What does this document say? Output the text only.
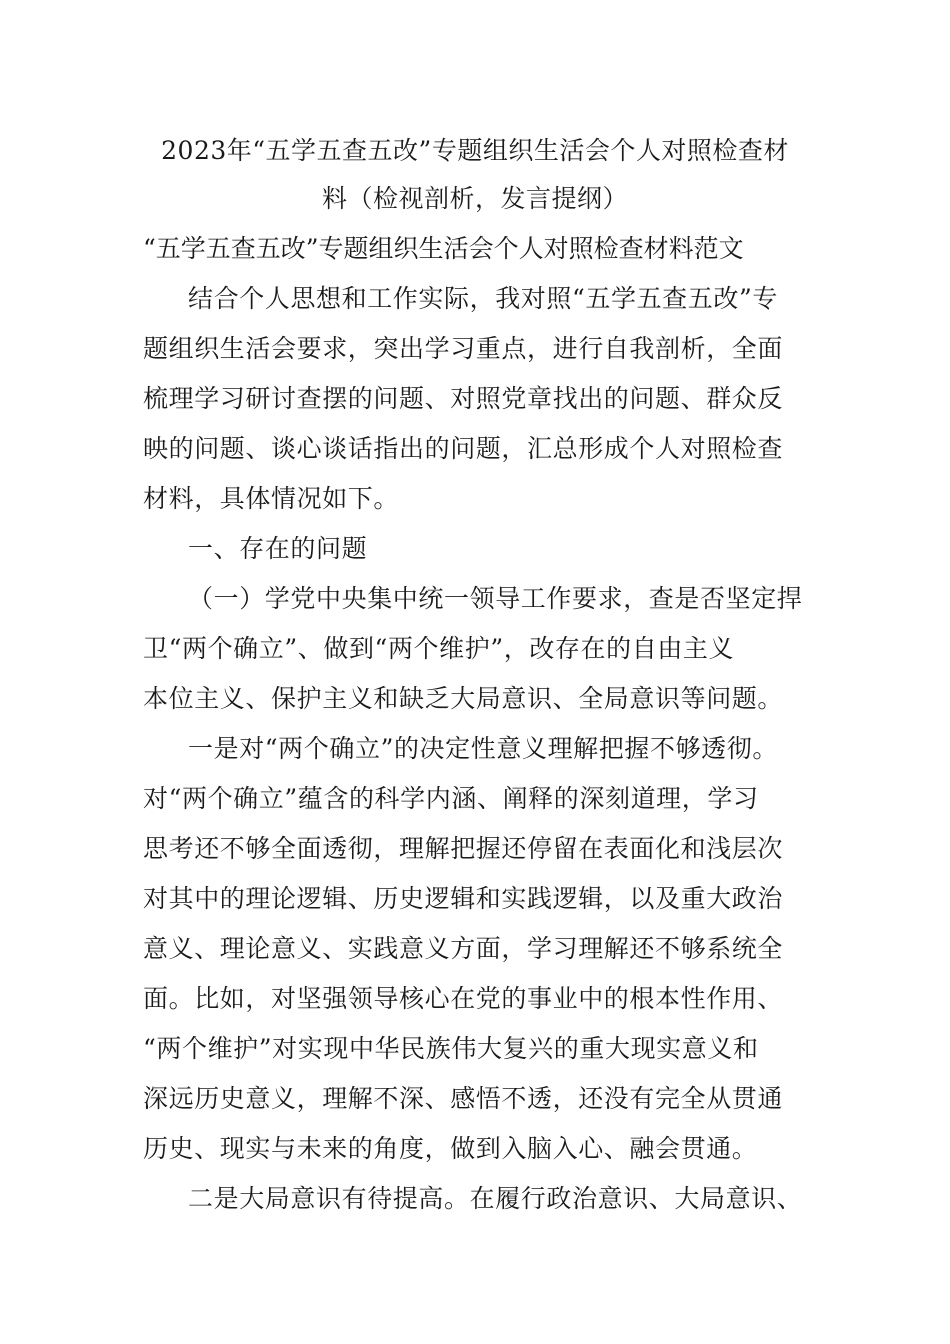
2023年“五学五查五改”专题组织生活会个人对照检查材
料（检视剖析，发言提纲）
“五学五查五改”专题组织生活会个人对照检查材料范文
结合个人思想和工作实际，我对照“五学五查五改”专
题组织生活会要求，突出学习重点，进行自我剖析，全面
梳理学习研讨查摆的问题、对照党章找出的问题、群众反
映的问题、谈心谈话指出的问题，汇总形成个人对照检查
材料，具体情况如下。
一、存在的问题
（一）学党中央集中统一领导工作要求，查是否坚定捍
卫“两个确立”、做到“两个维护”，改存在的自由主义
本位主义、保护主义和缺乏大局意识、全局意识等问题。
一是对“两个确立”的决定性意义理解把握不够透彻。
对“两个确立”蕴含的科学内涵、阐释的深刻道理，学习
思考还不够全面透彻，理解把握还停留在表面化和浅层次
对其中的理论逻辑、历史逻辑和实践逻辑，以及重大政治
意义、理论意义、实践意义方面，学习理解还不够系统全
面。比如，对坚强领导核心在党的事业中的根本性作用、
“两个维护”对实现中华民族伟大复兴的重大现实意义和
深远历史意义，理解不深、感悟不透，还没有完全从贯通
历史、现实与未来的角度，做到入脑入心、融会贯通。
二是大局意识有待提高。在履行政治意识、大局意识、
